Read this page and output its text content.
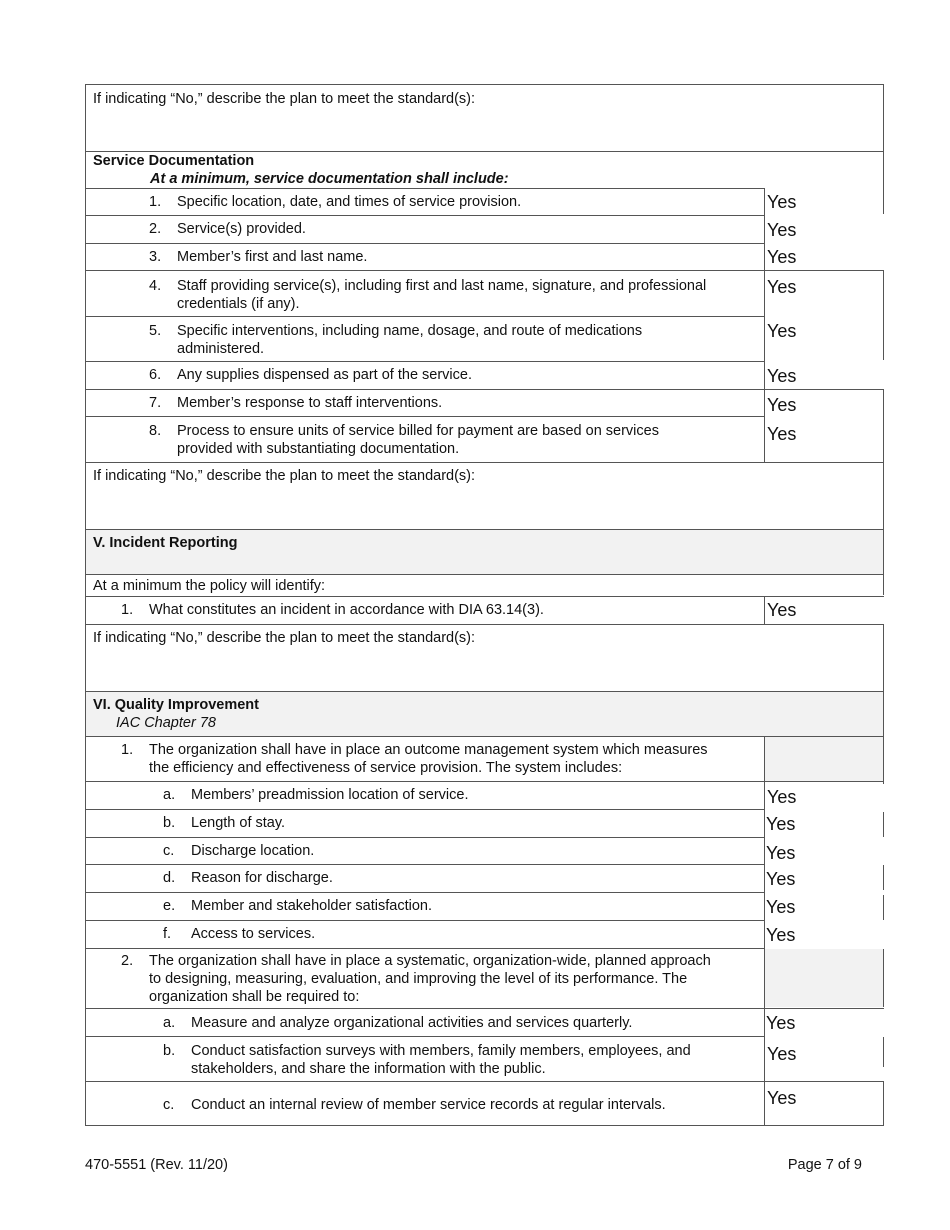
If indicating “No,” describe the plan to meet the standard(s):
Service Documentation
At a minimum, service documentation shall include:
1. Specific location, date, and times of service provision.	Yes
2. Service(s) provided.	Yes
3. Member’s first and last name.	Yes
4. Staff providing service(s), including first and last name, signature, and professional
credentials (if any).
Yes
5. Specific interventions, including name, dosage, and route of medications
administered.
Yes
6. Any supplies dispensed as part of the service.	Yes
7. Member’s response to staff interventions.	Yes
8. Process to ensure units of service billed for payment are based on services
provided with substantiating documentation.
Yes
If indicating “No,” describe the plan to meet the standard(s):
V. Incident Reporting
At a minimum the policy will identify:
1. What constitutes an incident in accordance with DIA 63.14(3).	Yes
If indicating “No,” describe the plan to meet the standard(s):
VI. Quality Improvement
IAC Chapter 78
1. The organization shall have in place an outcome management system which measures
the efficiency and effectiveness of service provision. The system includes:
a. Members’ preadmission location of service.	Yes
b. Length of stay.	Yes
c. Discharge location.	Yes
d. Reason for discharge.	Yes
e. Member and stakeholder satisfaction.	Yes
f. Access to services.	Yes
2. The organization shall have in place a systematic, organization-wide, planned approach
to designing, measuring, evaluation, and improving the level of its performance. The
organization shall be required to:
a. Measure and analyze organizational activities and services quarterly.	Yes
b. Conduct satisfaction surveys with members, family members, employees, and
stakeholders, and share the information with the public.
Yes
c. Conduct an internal review of member service records at regular intervals.	Yes
470-5551 (Rev. 11/20)	Page 7 of 9
